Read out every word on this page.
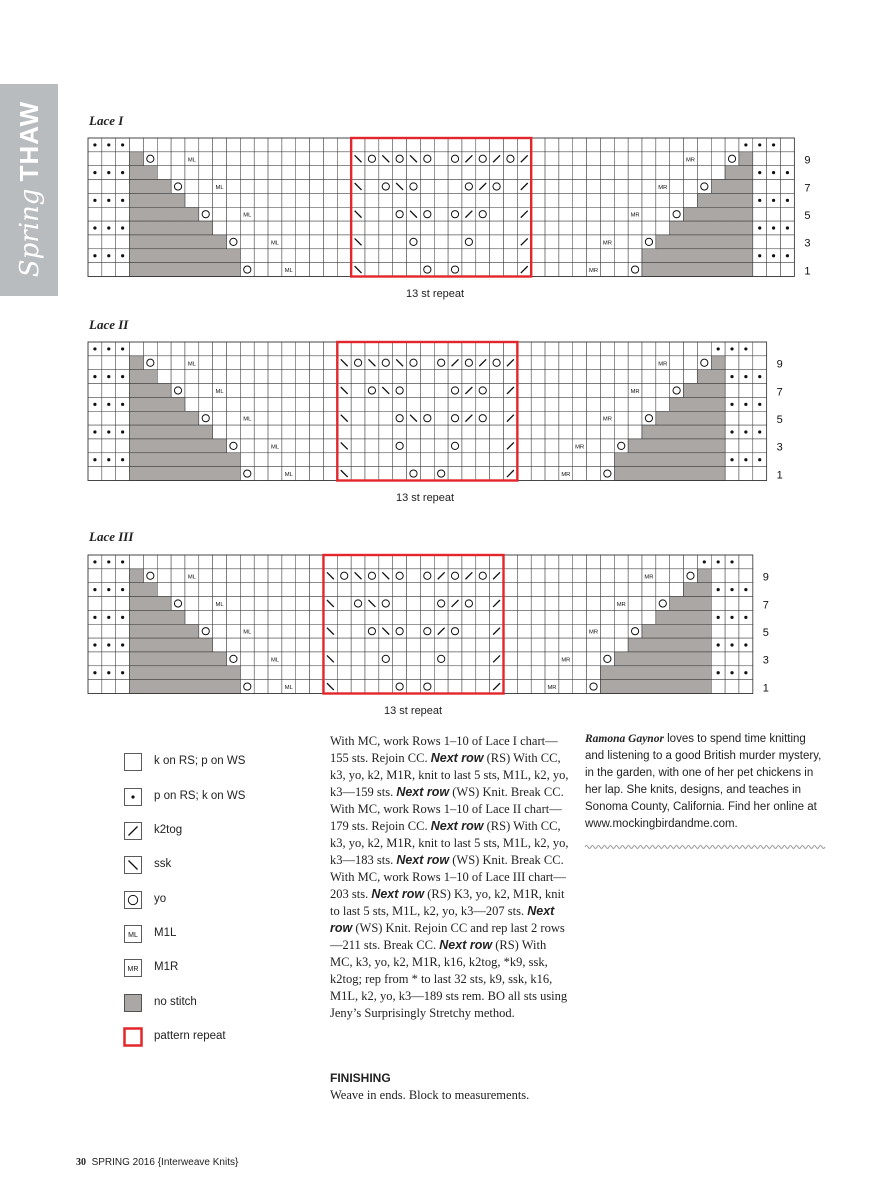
Spring THAW	Lace I
ML	MR
ML	MR
ML	MR
ML	MR
ML	MR
9
7
5
3
1
Lace II
ML	MR
ML	MR
ML	MR
ML	MR
ML	MR
9
7
5
3
1
Lace III
ML	MR
ML	MR
ML	MR
ML	MR
ML	MR
9
7
5
3
1
13 st repeat
13 st repeat
13 st repeat
k on RS; p on WS
p on RS; k on WS
k2tog
ssk
yo
ML M1L
MR M1R
no stitch
pattern repeat

With MC, work Rows 1–10 of Lace I chart—155 sts. Rejoin CC. Next row (RS) With CC, k3, yo, k2, M1R, knit to last 5 sts, M1L, k2, yo, k3—159 sts. Next row (WS) Knit. Break CC. With MC, work Rows 1–10 of Lace II chart—179 sts. Rejoin CC. Next row (RS) With CC, k3, yo, k2, M1R, knit to last 5 sts, M1L, k2, yo, k3—183 sts. Next row (WS) Knit. Break CC. With MC, work Rows 1–10 of Lace III chart—203 sts. Next row (RS) K3, yo, k2, M1R, knit to last 5 sts, M1L, k2, yo, k3—207 sts. Next row (WS) Knit. Rejoin CC and rep last 2 rows—211 sts. Break CC. Next row (RS) With MC, k3, yo, k2, M1R, k16, k2tog, *k9, ssk, k2tog; rep from * to last 32 sts, k9, ssk, k16, M1L, k2, yo, k3—189 sts rem. BO all sts using Jeny’s Surprisingly Stretchy method.

FINISHING
Weave in ends. Block to measurements.
Ramona Gaynor loves to spend time knitting and listening to a good British murder mystery, in the garden, with one of her pet chickens in her lap. She knits, designs, and teaches in Sonoma County, California. Find her online at www.mockingbirdandme.com.
30 SPRING 2016 {Interweave Knits}
